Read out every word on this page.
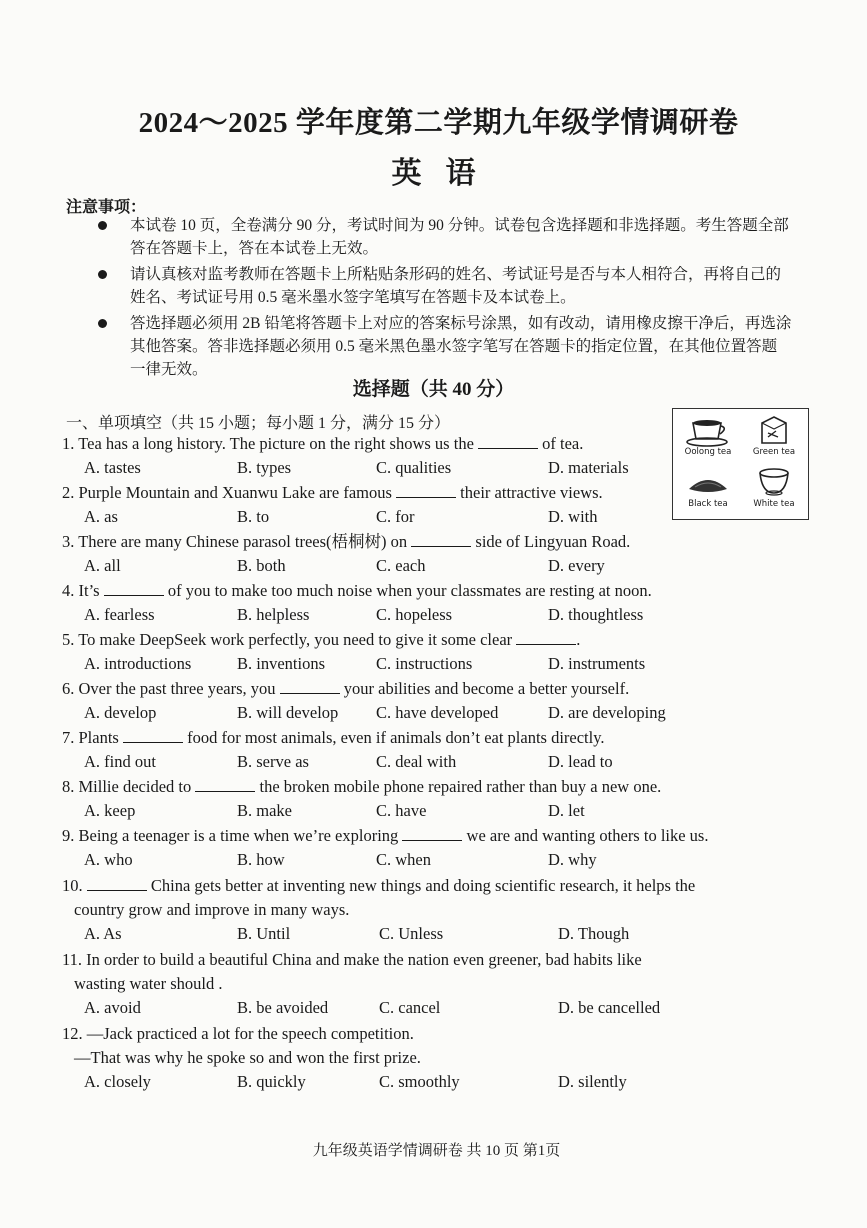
2024～2025 学年度第二学期九年级学情调研卷
英语
注意事项：
本试卷 10 页，全卷满分 90 分，考试时间为 90 分钟。试卷包含选择题和非选择题。考生答题全部答在答题卡上，答在本试卷上无效。
请认真核对监考教师在答题卡上所粘贴条形码的姓名、考试证号是否与本人相符合，再将自己的姓名、考试证号用 0.5 毫米墨水签字笔填写在答题卡及本试卷上。
答选择题必须用 2B 铅笔将答题卡上对应的答案标号涂黑，如有改动，请用橡皮擦干净后，再选涂其他答案。答非选择题必须用 0.5 毫米黑色墨水签字笔写在答题卡的指定位置，在其他位置答题一律无效。
选择题（共 40 分）
一、单项填空（共 15 小题；每小题 1 分，满分 15 分）
Oolong tea	Green tea
Black tea	White tea
1. Tea has a long history. The picture on the right shows us the	of tea.
A. tastes	B. types	C. qualities	D. materials
2. Purple Mountain and Xuanwu Lake are famous	their attractive views.
A. as	B. to	C. for	D. with
3. There are many Chinese parasol trees(梧桐树) on	side of Lingyuan Road.
A. all	B. both	C. each	D. every
4. It’s	of you to make too much noise when your classmates are resting at noon.
A. fearless	B. helpless	C. hopeless	D. thoughtless
5. To make DeepSeek work perfectly, you need to give it some clear	.
A. introductions	B. inventions	C. instructions	D. instruments
6. Over the past three years, you	your abilities and become a better yourself.
A. develop	B. will develop C. have developed	D. are developing
7. Plants	food for most animals, even if animals don’t eat plants directly.
A. find out	B. serve as	C. deal with	D. lead to
8. Millie decided to	the broken mobile phone repaired rather than buy a new one.
A. keep	B. make	C. have	D. let
9. Being a teenager is a time when we’re exploring	we are and wanting others to like us.
A. who	B. how	C. when	D. why
10.	China gets better at inventing new things and doing scientific research, it helps the
country grow and improve in many ways.
A. As	B. Until	C. Unless	D. Though
11. In order to build a beautiful China and make the nation even greener, bad habits like
wasting water should .
A. avoid	B. be avoided	C. cancel	D. be cancelled
12. —Jack practiced a lot for the speech competition.
—That was why he spoke so and won the first prize.
A. closely	B. quickly	C. smoothly	D. silently
九年级英语学情调研卷 共 10 页 第1页
